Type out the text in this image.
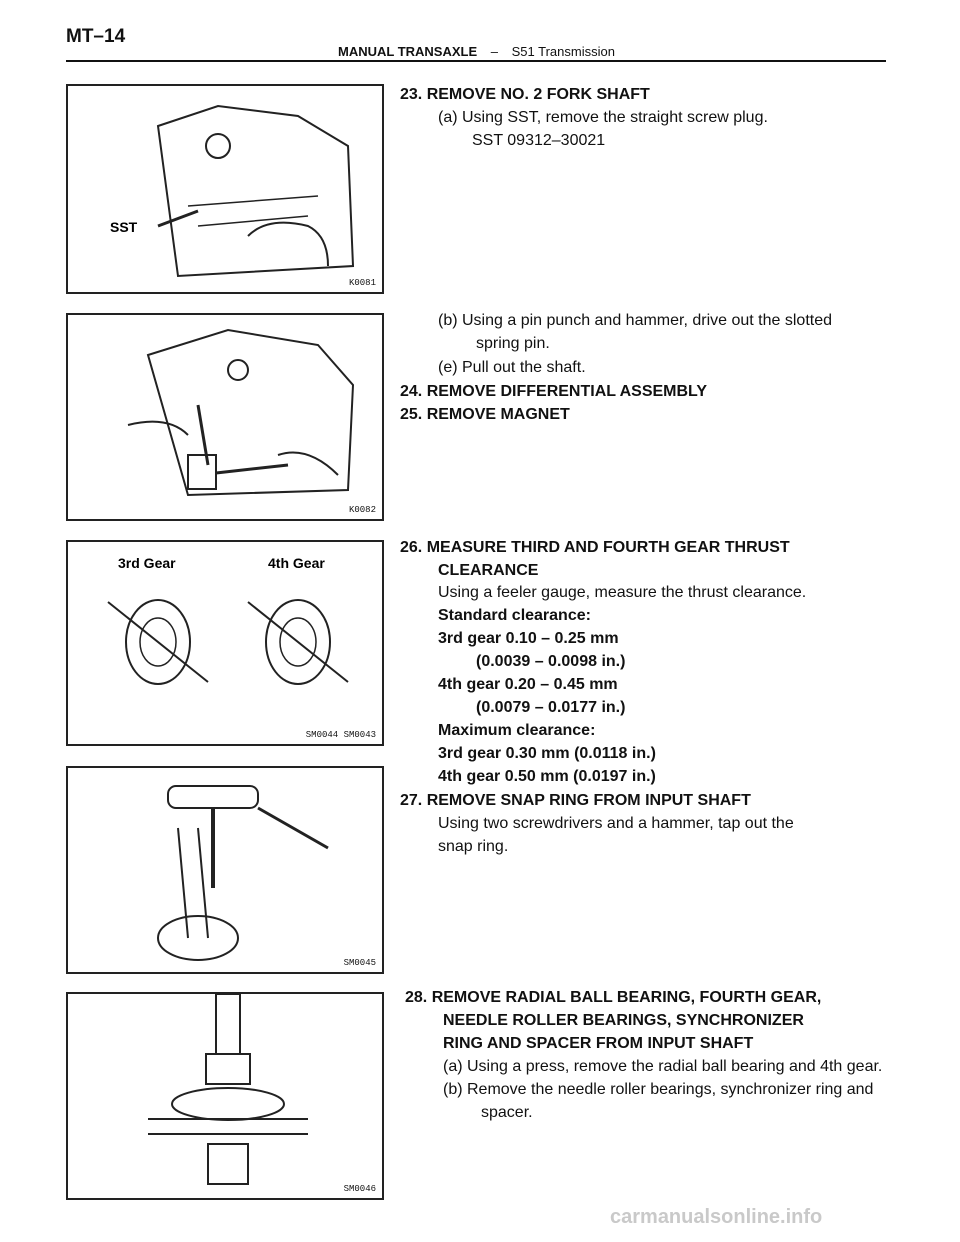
MT–14
MANUAL TRANSAXLE – S51 Transmission
SST
K0081
K0082
3rd Gear	4th Gear
SM0044 SM0043
SM0045
SM0046
23. REMOVE NO. 2 FORK SHAFT
(a) Using SST, remove the straight screw plug.
SST 09312–30021
(b) Using a pin punch and hammer, drive out the slotted
spring pin.
(e) Pull out the shaft.
24. REMOVE DIFFERENTIAL ASSEMBLY
25. REMOVE MAGNET
26. MEASURE THIRD AND FOURTH GEAR THRUST
CLEARANCE
Using a feeler gauge, measure the thrust clearance.
Standard clearance:
3rd gear 0.10 – 0.25 mm
(0.0039 – 0.0098 in.)
4th gear 0.20 – 0.45 mm
(0.0079 – 0.0177 in.)
Maximum clearance:
3rd gear 0.30 mm (0.0118 in.)
4th gear 0.50 mm (0.0197 in.)
27. REMOVE SNAP RING FROM INPUT SHAFT
Using two screwdrivers and a hammer, tap out the
snap ring.
28. REMOVE RADIAL BALL BEARING, FOURTH GEAR,
NEEDLE ROLLER BEARINGS, SYNCHRONIZER
RING AND SPACER FROM INPUT SHAFT
(a) Using a press, remove the radial ball bearing and 4th gear.
(b) Remove the needle roller bearings, synchronizer ring and
spacer.
carmanualsonline.info
